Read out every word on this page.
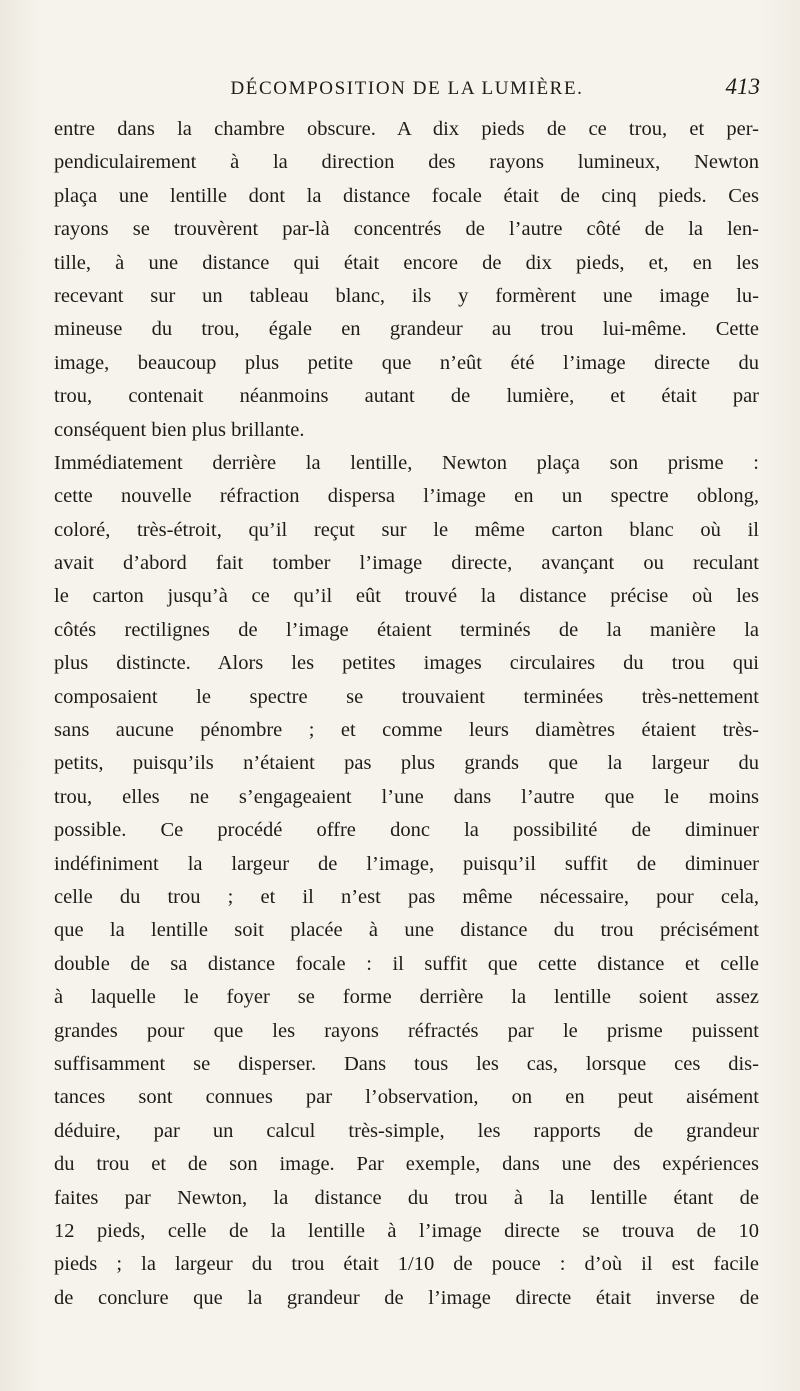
DÉCOMPOSITION DE LA LUMIÈRE.	413
entre dans la chambre obscure. A dix pieds de ce trou, et per-
pendiculairement à la direction des rayons lumineux, Newton
plaça une lentille dont la distance focale était de cinq pieds. Ces
rayons se trouvèrent par-là concentrés de l’autre côté de la len-
tille, à une distance qui était encore de dix pieds, et, en les
recevant sur un tableau blanc, ils y formèrent une image lu-
mineuse du trou, égale en grandeur au trou lui-même. Cette
image, beaucoup plus petite que n’eût été l’image directe du
trou, contenait néanmoins autant de lumière, et était par
conséquent bien plus brillante.
Immédiatement derrière la lentille, Newton plaça son prisme :
cette nouvelle réfraction dispersa l’image en un spectre oblong,
coloré, très-étroit, qu’il reçut sur le même carton blanc où il
avait d’abord fait tomber l’image directe, avançant ou reculant
le carton jusqu’à ce qu’il eût trouvé la distance précise où les
côtés rectilignes de l’image étaient terminés de la manière la
plus distincte. Alors les petites images circulaires du trou qui
composaient le spectre se trouvaient terminées très-nettement
sans aucune pénombre ; et comme leurs diamètres étaient très-
petits, puisqu’ils n’étaient pas plus grands que la largeur du
trou, elles ne s’engageaient l’une dans l’autre que le moins
possible. Ce procédé offre donc la possibilité de diminuer
indéfiniment la largeur de l’image, puisqu’il suffit de diminuer
celle du trou ; et il n’est pas même nécessaire, pour cela,
que la lentille soit placée à une distance du trou précisément
double de sa distance focale : il suffit que cette distance et celle
à laquelle le foyer se forme derrière la lentille soient assez
grandes pour que les rayons réfractés par le prisme puissent
suffisamment se disperser. Dans tous les cas, lorsque ces dis-
tances sont connues par l’observation, on en peut aisément
déduire, par un calcul très-simple, les rapports de grandeur
du trou et de son image. Par exemple, dans une des expériences
faites par Newton, la distance du trou à la lentille étant de
12 pieds, celle de la lentille à l’image directe se trouva de 10
pieds ; la largeur du trou était 1/10 de pouce : d’où il est facile
de conclure que la grandeur de l’image directe était inverse de
